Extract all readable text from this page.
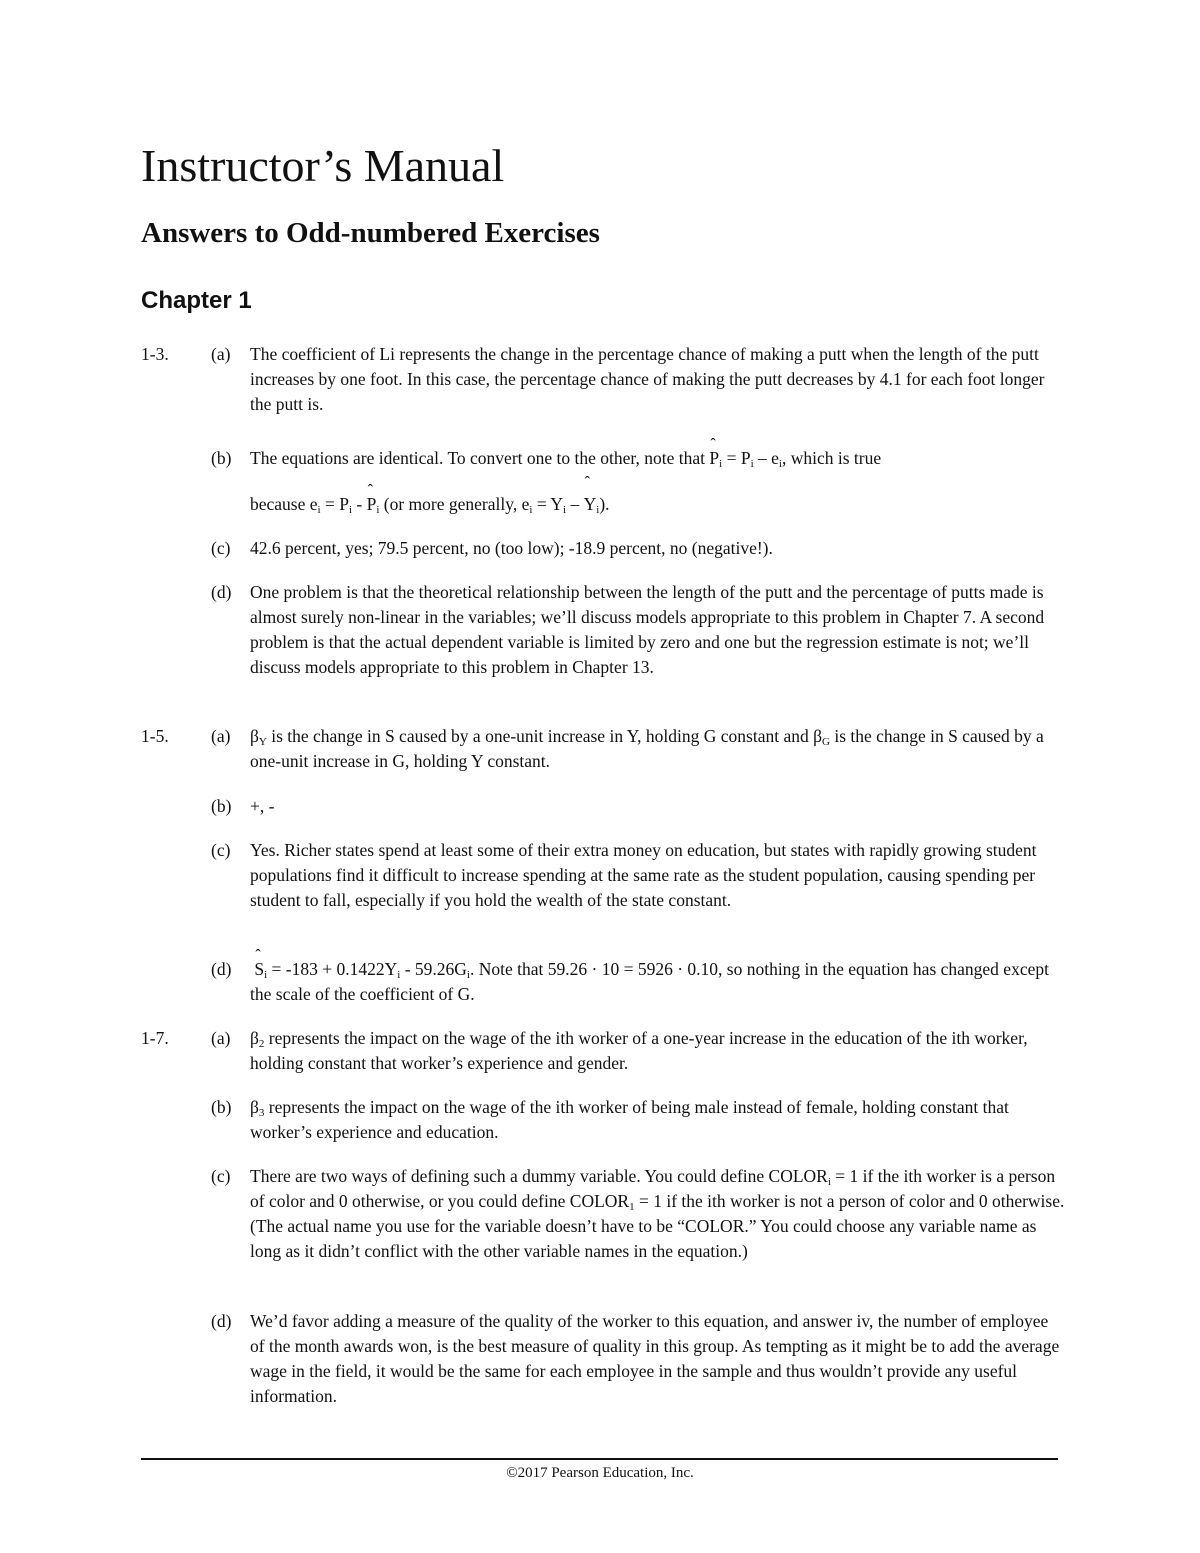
Instructor’s Manual
Answers to Odd-numbered Exercises
Chapter 1
1-3. (a) The coefficient of Li represents the change in the percentage chance of making a putt when the length of the putt increases by one foot. In this case, the percentage chance of making the putt decreases by 4.1 for each foot longer the putt is.

(b) The equations are identical. To convert one to the other, note that ˆ $P_i = P_i - e_i$, which is true

because $e_i = P_i$ - ˆ $P_i$ (or more generally, $e_i = Y_i$ – ˆ $Y_i$).

(c) 42.6 percent, yes; 79.5 percent, no (too low); -18.9 percent, no (negative!).

(d) One problem is that the theoretical relationship between the length of the putt and the percentage of putts made is almost surely non-linear in the variables; we’ll discuss models appropriate to this problem in Chapter 7. A second problem is that the actual dependent variable is limited by zero and one but the regression estimate is not; we’ll discuss models appropriate to this problem in Chapter 13.

1-5. (a) $\beta_Y$ is the change in S caused by a one-unit increase in Y, holding G constant and $\beta_G$ is the change in S caused by a one-unit increase in G, holding Y constant.

(b) +, -

(c) Yes. Richer states spend at least some of their extra money on education, but states with rapidly growing student populations find it difficult to increase spending at the same rate as the student population, causing spending per student to fall, especially if you hold the wealth of the state constant.

(d)

ˆ $S_i = -183 + 0.1422Y_i - 59.26G_i$. Note that 59.26 · 10 = 5926 · 0.10, so nothing in the equation has changed except the scale of the coefficient of G.

1-7. (a) $\beta_2$ represents the impact on the wage of the ith worker of a one-year increase in the education of the ith worker, holding constant that worker’s experience and gender.

(b) $\beta_3$ represents the impact on the wage of the ith worker of being male instead of female, holding constant that worker’s experience and education.

(c) There are two ways of defining such a dummy variable. You could define $COLOR_i = 1$ if the ith worker is a person of color and 0 otherwise, or you could define $COLOR_1 = 1$ if the ith worker is not a person of color and 0 otherwise. (The actual name you use for the variable doesn’t have to be “COLOR.” You could choose any variable name as long as it didn’t conflict with the other variable names in the equation.)

(d) We’d favor adding a measure of the quality of the worker to this equation, and answer iv, the number of employee of the month awards won, is the best measure of quality in this group. As tempting as it might be to add the average wage in the field, it would be the same for each employee in the sample and thus wouldn’t provide any useful information.

©2017 Pearson Education, Inc.
